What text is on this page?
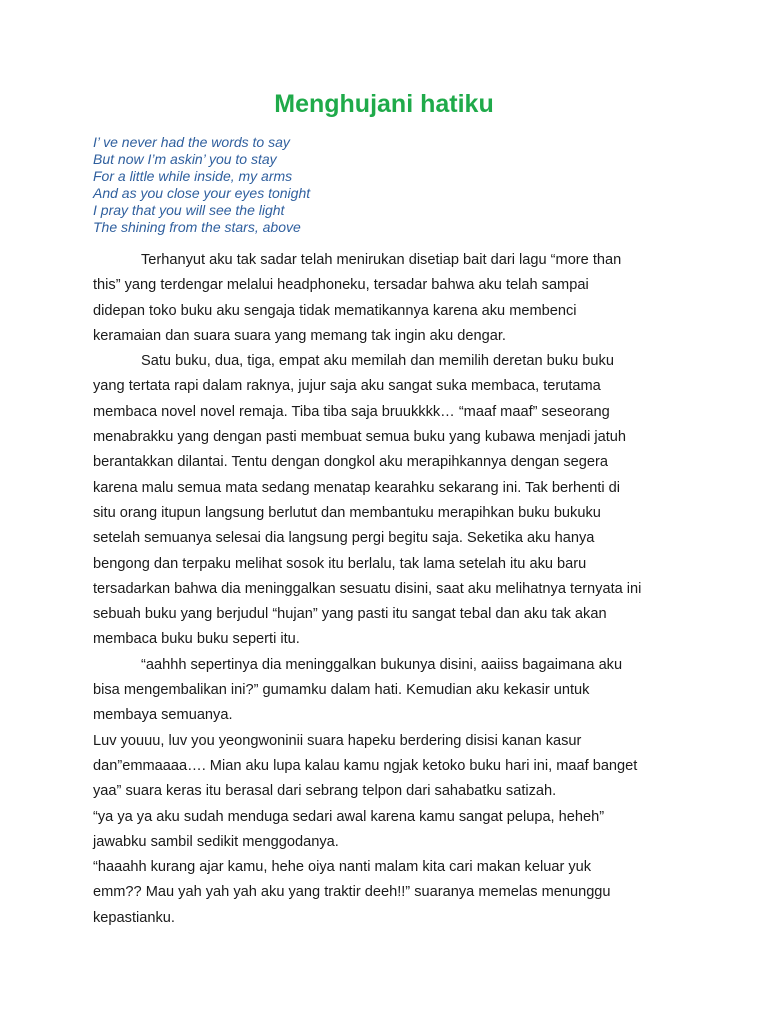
Menghujani hatiku
I’ ve never had the words to say
But now I’m askin’ you to stay
For a little while inside, my arms
And as you close your eyes tonight
I pray that you will see the light
The shining from the stars, above
Terhanyut aku tak sadar telah menirukan disetiap bait dari lagu “more than
this” yang terdengar melalui headphoneku, tersadar bahwa aku telah sampai
didepan toko buku aku sengaja tidak mematikannya karena aku membenci
keramaian dan suara suara yang memang tak ingin aku dengar.
Satu buku, dua, tiga, empat aku memilah dan memilih deretan buku buku
yang tertata rapi dalam raknya, jujur saja aku sangat suka membaca, terutama
membaca novel novel remaja. Tiba tiba saja bruukkkk… “maaf maaf” seseorang
menabrakku yang dengan pasti membuat semua buku yang kubawa menjadi jatuh
berantakkan dilantai. Tentu dengan dongkol aku merapihkannya dengan segera
karena malu semua mata sedang menatap kearahku sekarang ini. Tak berhenti di
situ orang itupun langsung berlutut dan membantuku merapihkan buku bukuku
setelah semuanya selesai dia langsung pergi begitu saja. Seketika aku hanya
bengong dan terpaku melihat sosok itu berlalu, tak lama setelah itu aku baru
tersadarkan bahwa dia meninggalkan sesuatu disini, saat aku melihatnya ternyata ini
sebuah buku yang berjudul “hujan” yang pasti itu sangat tebal dan aku tak akan
membaca buku buku seperti itu.
“aahhh sepertinya dia meninggalkan bukunya disini, aaiiss bagaimana aku
bisa mengembalikan ini?” gumamku dalam hati. Kemudian aku kekasir untuk
membaya semuanya.
Luv youuu, luv you yeongwoninii suara hapeku berdering disisi kanan kasur
dan”emmaaaa…. Mian aku lupa kalau kamu ngjak ketoko buku hari ini, maaf banget
yaa” suara keras itu berasal dari sebrang telpon dari sahabatku satizah.
“ya ya ya aku sudah menduga sedari awal karena kamu sangat pelupa, heheh”
jawabku sambil sedikit menggodanya.
“haaahh kurang ajar kamu, hehe oiya nanti malam kita cari makan keluar yuk
emm?? Mau yah yah yah aku yang traktir deeh!!” suaranya memelas menunggu
kepastianku.
